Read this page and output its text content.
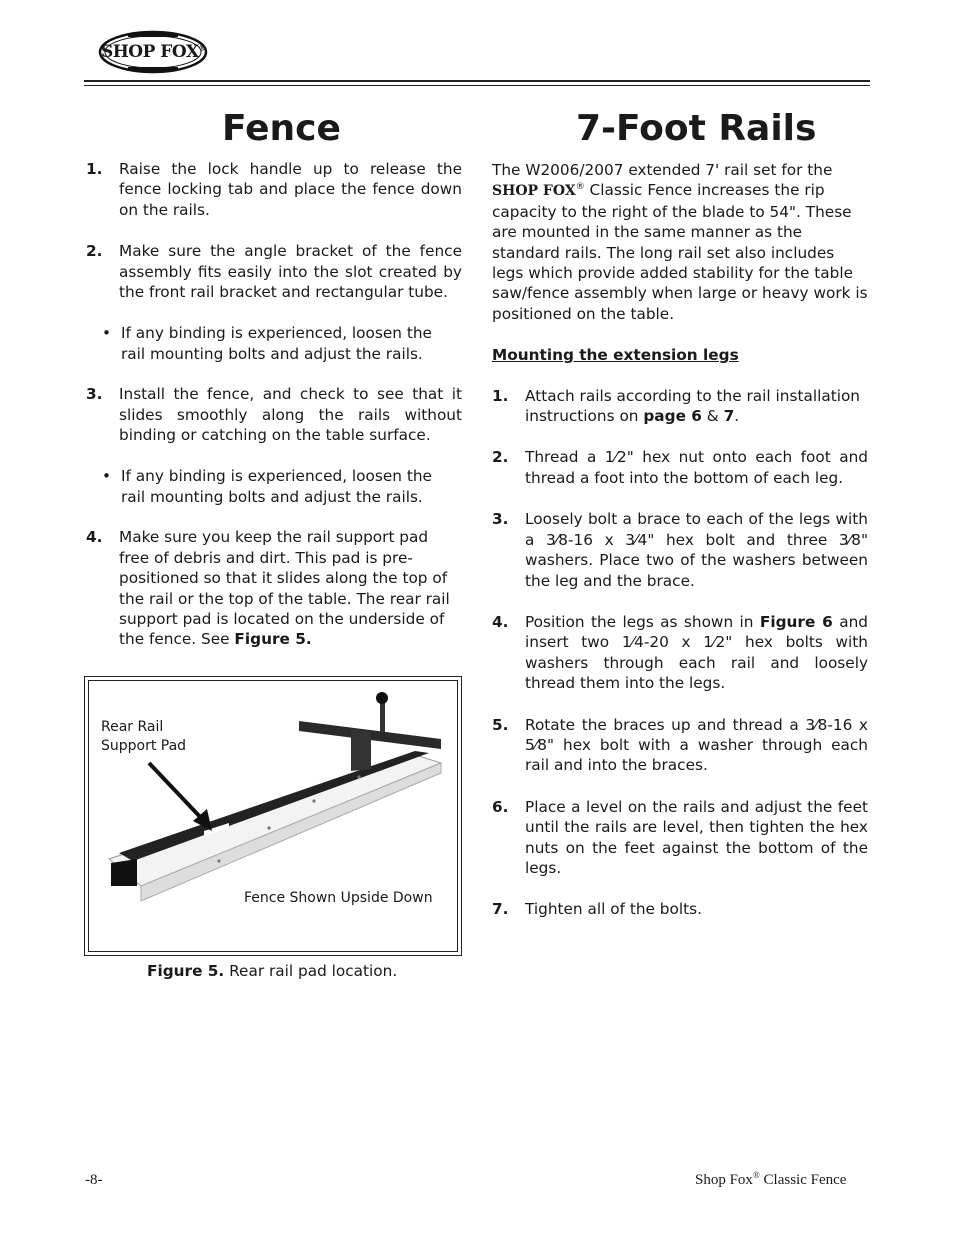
SHOP FOX®
Fence	7-Foot Rails
1.	Raise the lock handle up to release the fence locking tab and place the fence down on the rails.
2.	Make sure the angle bracket of the fence assembly fits easily into the slot created by the front rail bracket and rectangular tube.
• If any binding is experienced, loosen the rail mounting bolts and adjust the rails.
3.	Install the fence, and check to see that it slides smoothly along the rails without binding or catching on the table surface.
• If any binding is experienced, loosen the rail mounting bolts and adjust the rails.
4.	Make sure you keep the rail support pad free of debris and dirt. This pad is pre-positioned so that it slides along the top of the rail or the top of the table. The rear rail support pad is located on the underside of the fence. See Figure 5.
Rear Rail
Support Pad
Fence Shown Upside Down
Figure 5. Rear rail pad location.
The W2006/2007 extended 7' rail set for the
SHOP FOX® Classic Fence increases the rip capacity to the right of the blade to 54". These are mounted in the same manner as the standard rails. The long rail set also includes legs which provide added stability for the table saw/fence assembly when large or heavy work is positioned on the table.
Mounting the extension legs
1.	Attach rails according to the rail installation instructions on page 6 & 7.
2.	Thread a 1⁄2" hex nut onto each foot and thread a foot into the bottom of each leg.
3.	Loosely bolt a brace to each of the legs with a 3⁄8-16 x 3⁄4" hex bolt and three 3⁄8" washers. Place two of the washers between the leg and the brace.
4.	Position the legs as shown in Figure 6 and insert two 1⁄4-20 x 1⁄2" hex bolts with washers through each rail and loosely thread them into the legs.
5.	Rotate the braces up and thread a 3⁄8-16 x 5⁄8" hex bolt with a washer through each rail and into the braces.
6.	Place a level on the rails and adjust the feet until the rails are level, then tighten the hex nuts on the feet against the bottom of the legs.
7.	Tighten all of the bolts.
-8-	Shop Fox® Classic Fence
